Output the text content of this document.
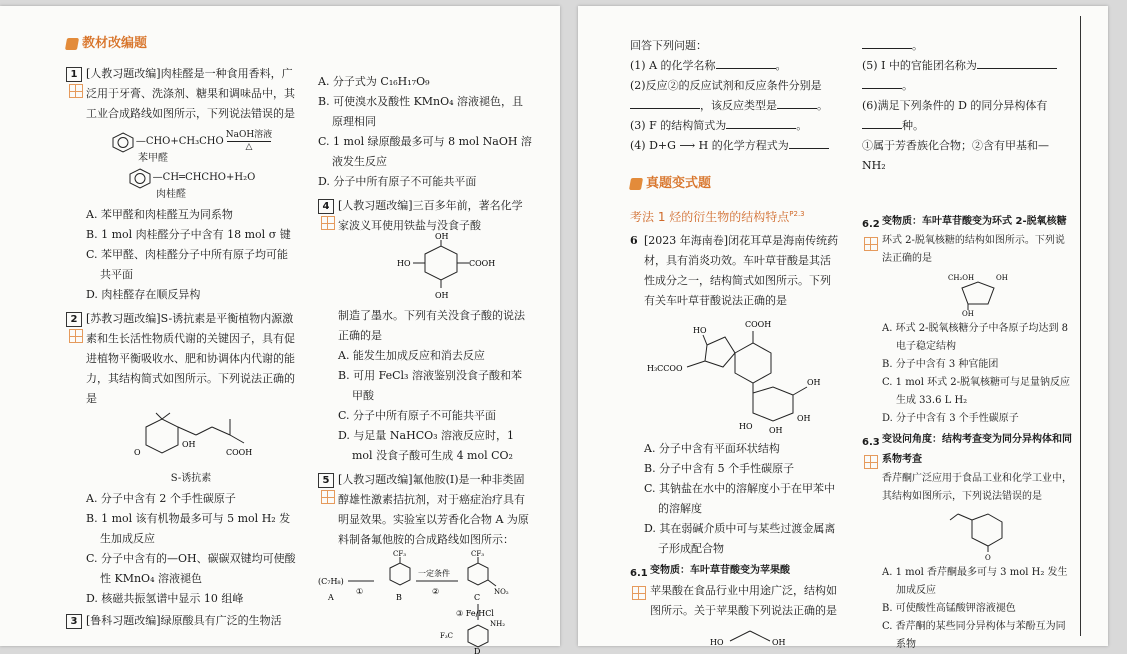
教材改编题
1 [人教习题改编]肉桂醛是一种食用香料，广泛用于牙膏、洗涤剂、糖果和调味品中，其工业合成路线如图所示，下列说法错误的是
—CHO+CH₃CHO
NaOH溶液
△
苯甲醛
—CH═CHCHO+H₂O
肉桂醛
A. 苯甲醛和肉桂醛互为同系物
B. 1 mol 肉桂醛分子中含有 18 mol σ 键
C. 苯甲醛、肉桂醛分子中所有原子均可能共平面
D. 肉桂醛存在顺反异构
2 [苏教习题改编]S-诱抗素是平衡植物内源激素和生长活性物质代谢的关键因子，具有促进植物平衡吸收水、肥和协调体内代谢的能力，其结构简式如图所示。下列说法正确的是
OH
COOH
O
S-诱抗素
A. 分子中含有 2 个手性碳原子
B. 1 mol 该有机物最多可与 5 mol H₂ 发生加成反应
C. 分子中含有的—OH、碳碳双键均可使酸性 KMnO₄ 溶液褪色
D. 核磁共振氢谱中显示 10 组峰
3 [鲁科习题改编]绿原酸具有广泛的生物活
A. 分子式为 C₁₆H₁₇O₉
B. 可使溴水及酸性 KMnO₄ 溶液褪色，且原理相同
C. 1 mol 绿原酸最多可与 8 mol NaOH 溶液发生反应
D. 分子中所有原子不可能共平面
4 [人教习题改编]三百多年前，著名化学家波义耳使用铁盐与没食子酸
OH
HO	COOH
OH
制造了墨水。下列有关没食子酸的说法正确的是
A. 能发生加成反应和消去反应
B. 可用 FeCl₃ 溶液鉴别没食子酸和苯甲酸
C. 分子中所有原子不可能共平面
D. 与足量 NaHCO₃ 溶液反应时，1 mol 没食子酸可生成 4 mol CO₂
5 [人教习题改编]氟他胺(I)是一种非类固醇雄性激素拮抗剂，对于癌症治疗具有明显效果。实验室以芳香化合物 A 为原料制备氟他胺的合成路线如图所示：
(C₇H₈)
A
①
CF₃
B
一定条件
②
CF₃
NO₂
C
③ Fe/HCl
NH₂
F₃C
D
回答下列问题：
(1) A 的化学名称	。
(2)反应②的反应试剂和反应条件分别是
，该反应类型是	。
(3) F 的结构简式为	。
(4) D+G ⟶ H 的化学方程式为
真题变式题
考法 1 烃的衍生物的结构特点$^{P2.3}$
6 [2023 年海南卷]闭花耳草是海南传统药材，具有消炎功效。车叶草苷酸是其活性成分之一，结构简式如图所示。下列有关车叶草苷酸说法正确的是
HO
COOH
H₃CCOO
OH
OH
HO OH
A. 分子中含有平面环状结构
B. 分子中含有 5 个手性碳原子
C. 其钠盐在水中的溶解度小于在甲苯中的溶解度
D. 其在弱碱介质中可与某些过渡金属离子形成配合物
6.1 变物质：车叶草苷酸变为苹果酸
苹果酸在食品行业中用途广泛，结构如图所示。关于苹果酸下列说法正确的是
HO	OH
。
(5) I 中的官能团名称为
。
(6)满足下列条件的 D 的同分异构体有
种。
①属于芳香族化合物；②含有甲基和—NH₂
6.2 变物质：车叶草苷酸变为环式 2-脱氧核糖
环式 2-脱氧核糖的结构如图所示。下列说法正确的是
CH₂OH	OH
OH
A. 环式 2-脱氧核糖分子中各原子均达到 8 电子稳定结构
B. 分子中含有 3 种官能团
C. 1 mol 环式 2-脱氧核糖可与足量钠反应生成 33.6 L H₂
D. 分子中含有 3 个手性碳原子
6.3 变设问角度：结构考查变为同分异构体和同系物考查
香芹酮广泛应用于食品工业和化学工业中，其结构如图所示，下列说法错误的是
O
A. 1 mol 香芹酮最多可与 3 mol H₂ 发生加成反应
B. 可使酸性高锰酸钾溶液褪色
C. 香芹酮的某些同分异构体与苯酚互为同系物
